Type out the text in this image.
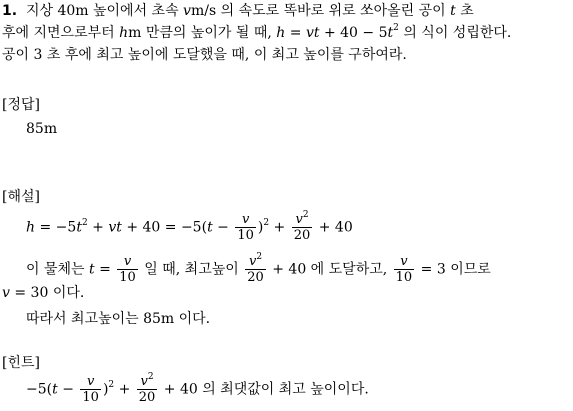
1.  지상 40m 높이에서 초속 vm/s 의 속도로 똑바로 위로 쏘아올린 공이 t 초
후에 지면으로부터 hm 만큼의 높이가 될 때, h = vt + $40 - 5t^2$ 의 식이 성립한다.
공이 3 초 후에 최고 높이에 도달했을 때, 이 최고 높이를 구하여라.
[정답]
85m
[해설]
$h = -5t^2$ + vt + $40 = -5(t - \frac{v}{10} )^2 + \frac{v^2}{20} + 40$
이 물체는 $t = \frac{v}{10}$ 일 때, 최고높이 $\frac{v^2}{20} + 40$ 에 도달하고, $\frac{v}{10} = 3$ 이므로
v = 30 이다.
따라서 최고높이는 85m 이다.
[힌트]
$-5(t - \frac{v}{10} )^2 + \frac{v^2}{20} + 40$ 의 최댓값이 최고 높이이다.
